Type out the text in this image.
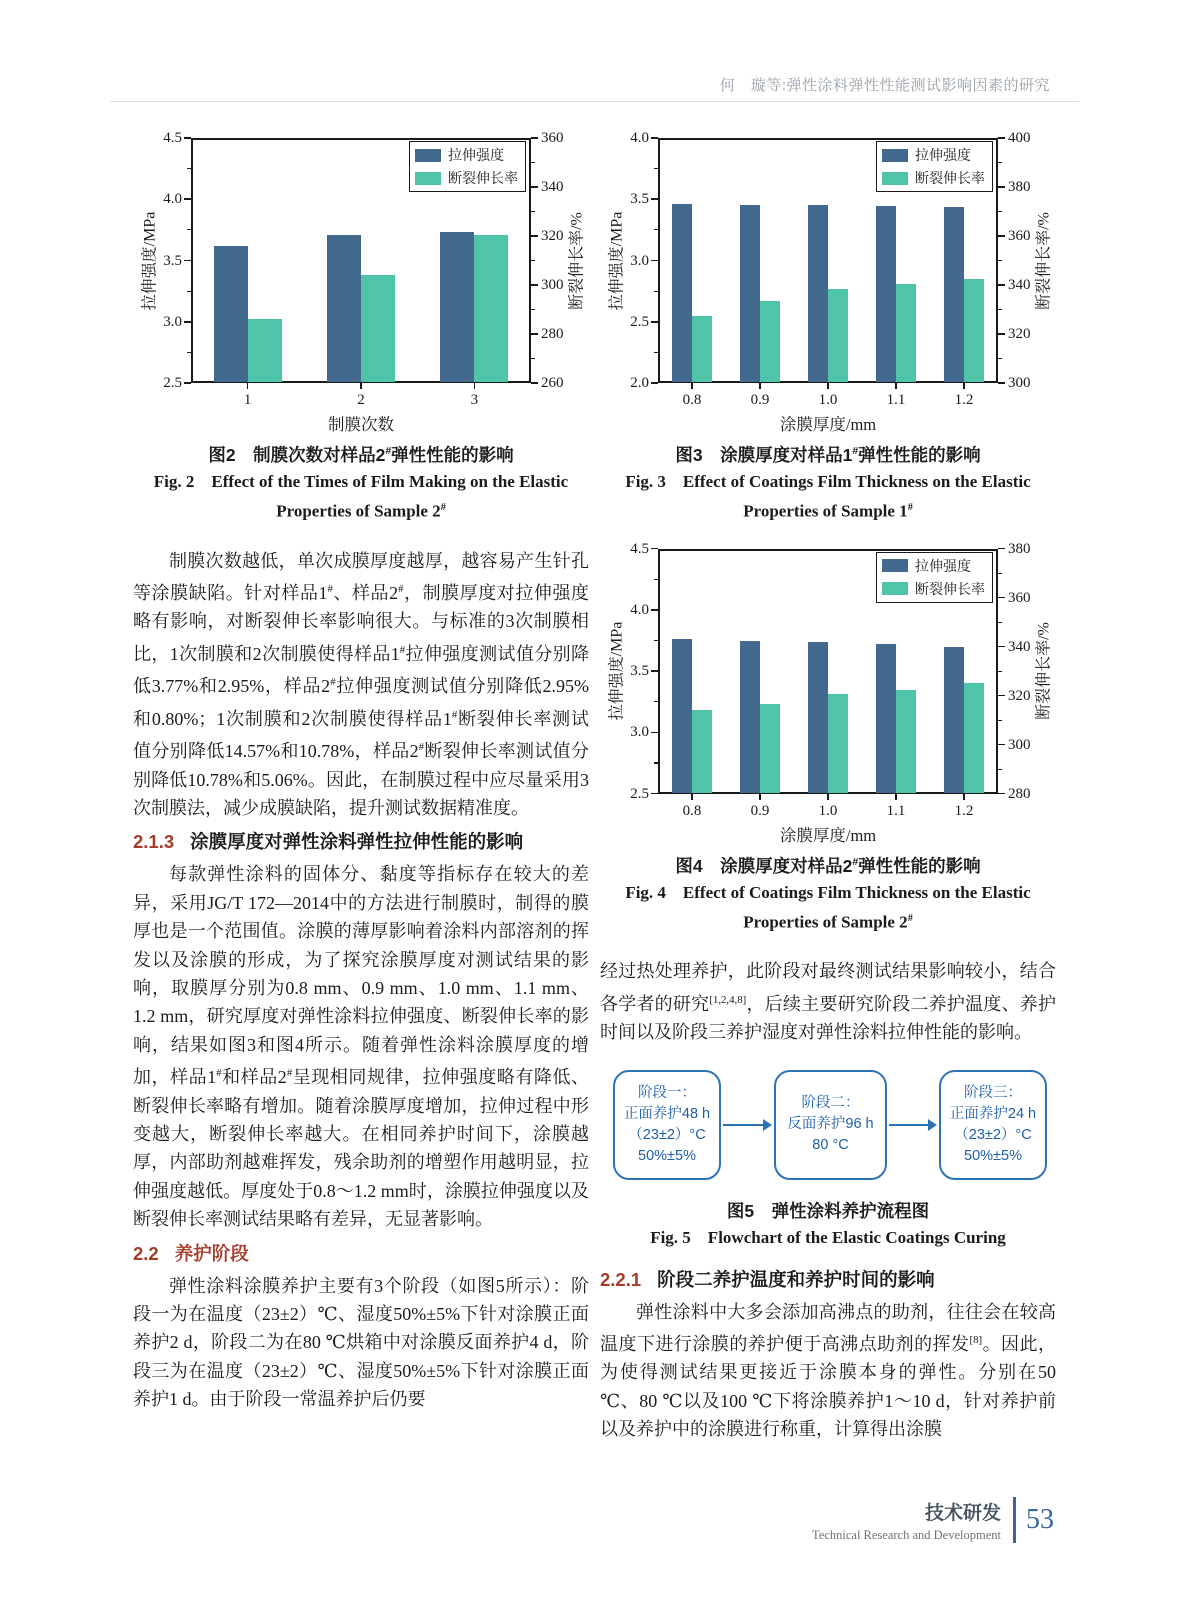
何　璇等:弹性涂料弹性性能测试影响因素的研究
2.5
3.0
3.5
4.0
4.5
260
280
300
320
340
360
1	2	3
拉伸强度/MPa	断裂伸长率/%
制膜次数
拉伸强度
断裂伸长率
图2　制膜次数对样品2#弹性性能的影响
Fig. 2 Effect of the Times of Film Making on the Elastic
Properties of Sample 2#

制膜次数越低，单次成膜厚度越厚，越容易产生针孔等涂膜缺陷。针对样品1#、样品2#，制膜厚度对拉伸强度略有影响，对断裂伸长率影响很大。与标准的3次制膜相比，1次制膜和2次制膜使得样品1#拉伸强度测试值分别降低3.77%和2.95%，样品2#拉伸强度测试值分别降低2.95%和0.80%；1次制膜和2次制膜使得样品1#断裂伸长率测试值分别降低14.57%和10.78%，样品2#断裂伸长率测试值分别降低10.78%和5.06%。因此，在制膜过程中应尽量采用3次制膜法，减少成膜缺陷，提升测试数据精准度。

2.1.3 涂膜厚度对弹性涂料弹性拉伸性能的影响

每款弹性涂料的固体分、黏度等指标存在较大的差异，采用JG/T 172—2014中的方法进行制膜时，制得的膜厚也是一个范围值。涂膜的薄厚影响着涂料内部溶剂的挥发以及涂膜的形成，为了探究涂膜厚度对测试结果的影响，取膜厚分别为0.8 mm、0.9 mm、1.0 mm、1.1 mm、1.2 mm，研究厚度对弹性涂料拉伸强度、断裂伸长率的影响，结果如图3和图4所示。随着弹性涂料涂膜厚度的增加，样品1#和样品2#呈现相同规律，拉伸强度略有降低、断裂伸长率略有增加。随着涂膜厚度增加，拉伸过程中形变越大，断裂伸长率越大。在相同养护时间下，涂膜越厚，内部助剂越难挥发，残余助剂的增塑作用越明显，拉伸强度越低。厚度处于0.8～1.2 mm时，涂膜拉伸强度以及断裂伸长率测试结果略有差异，无显著影响。

2.2 养护阶段

弹性涂料涂膜养护主要有3个阶段（如图5所示）：阶段一为在温度（23±2）℃、湿度50%±5%下针对涂膜正面养护2 d，阶段二为在80 ℃烘箱中对涂膜反面养护4 d，阶段三为在温度（23±2）℃、湿度50%±5%下针对涂膜正面养护1 d。由于阶段一常温养护后仍要

2.0
2.5
3.0
3.5
4.0
300
320
340
360
380
400
0.8	0.9	1.0	1.1	1.2
拉伸强度/MPa	断裂伸长率/%
涂膜厚度/mm
拉伸强度
断裂伸长率
图3　涂膜厚度对样品1#弹性性能的影响
Fig. 3 Effect of Coatings Film Thickness on the Elastic
Properties of Sample 1#
2.5
3.0
3.5
4.0
4.5
280
300
320
340
360
380
0.8	0.9	1.0	1.1	1.2
拉伸强度/MPa	断裂伸长率/%
涂膜厚度/mm
拉伸强度
断裂伸长率
图4　涂膜厚度对样品2#弹性性能的影响
Fig. 4 Effect of Coatings Film Thickness on the Elastic
Properties of Sample 2#

经过热处理养护，此阶段对最终测试结果影响较小，结合各学者的研究[1,2,4,8]，后续主要研究阶段二养护温度、养护时间以及阶段三养护湿度对弹性涂料拉伸性能的影响。

阶段一：
正面养护48 h
（23±2）°C
50%±5%
阶段二：
反面养护96 h
80 °C
阶段三：
正面养护24 h
（23±2）°C
50%±5%
图5　弹性涂料养护流程图
Fig. 5 Flowchart of the Elastic Coatings Curing
2.2.1 阶段二养护温度和养护时间的影响

弹性涂料中大多会添加高沸点的助剂，往往会在较高温度下进行涂膜的养护便于高沸点助剂的挥发[8]。因此，为使得测试结果更接近于涂膜本身的弹性。分别在50 ℃、80 ℃以及100 ℃下将涂膜养护1～10 d，针对养护前以及养护中的涂膜进行称重，计算得出涂膜

技术研发
Technical Research and Development 53
